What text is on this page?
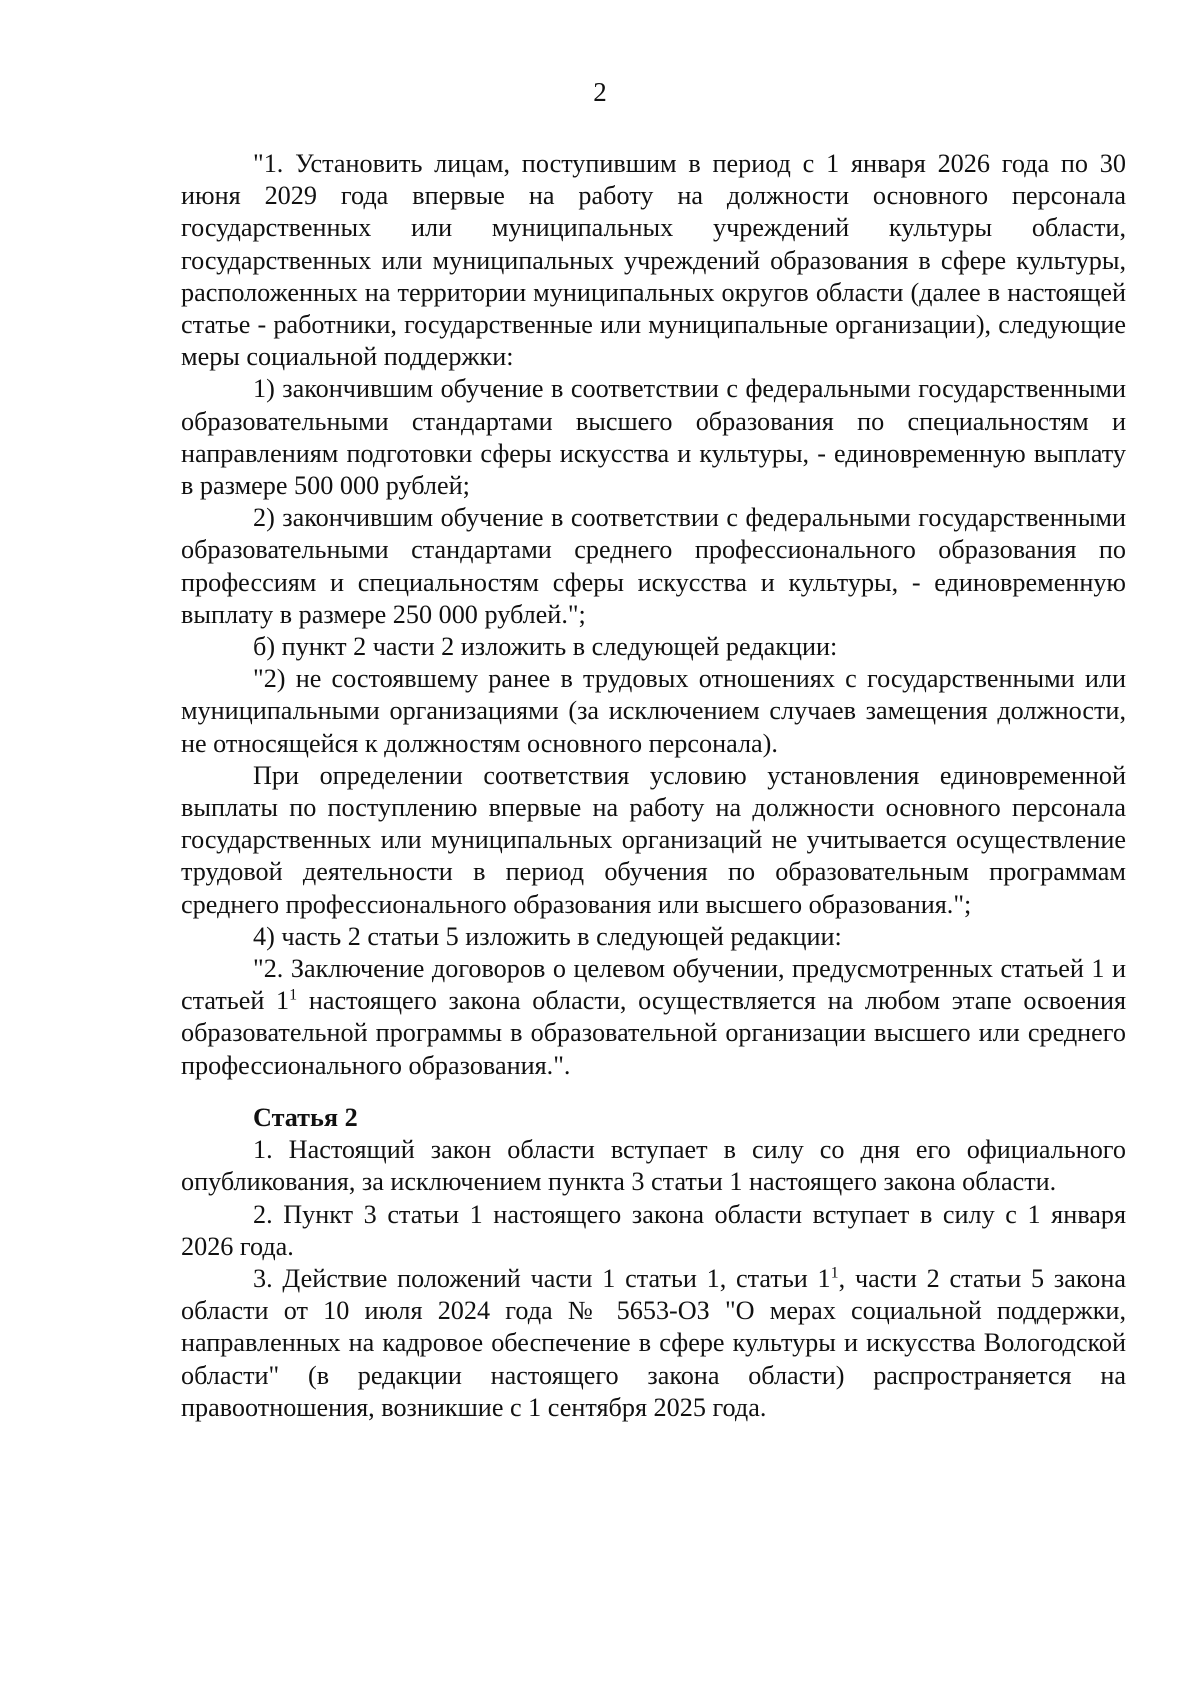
2

"1. Установить лицам, поступившим в период с 1 января 2026 года по 30 июня 2029 года впервые на работу на должности основного персонала государственных или муниципальных учреждений культуры области, государственных или муниципальных учреждений образования в сфере культуры, расположенных на территории муниципальных округов области (далее в настоящей статье - работники, государственные или муниципальные организации), следующие меры социальной поддержки:

1) закончившим обучение в соответствии с федеральными государственными образовательными стандартами высшего образования по специальностям и направлениям подготовки сферы искусства и культуры, - единовременную выплату в размере 500 000 рублей;

2) закончившим обучение в соответствии с федеральными государственными образовательными стандартами среднего профессионального образования по профессиям и специальностям сферы искусства и культуры, - единовременную выплату в размере 250 000 рублей.";

б) пункт 2 части 2 изложить в следующей редакции:

"2) не состоявшему ранее в трудовых отношениях с государственными или муниципальными организациями (за исключением случаев замещения должности, не относящейся к должностям основного персонала).

При определении соответствия условию установления единовременной выплаты по поступлению впервые на работу на должности основного персонала государственных или муниципальных организаций не учитывается осуществление трудовой деятельности в период обучения по образовательным программам среднего профессионального образования или высшего образования.";

4) часть 2 статьи 5 изложить в следующей редакции:

"2. Заключение договоров о целевом обучении, предусмотренных статьей 1 и статьей 1$^1$ настоящего закона области, осуществляется на любом этапе освоения образовательной программы в образовательной организации высшего или среднего профессионального образования.".

Статья 2

1. Настоящий закон области вступает в силу со дня его официального опубликования, за исключением пункта 3 статьи 1 настоящего закона области.

2. Пункт 3 статьи 1 настоящего закона области вступает в силу с 1 января 2026 года.

3. Действие положений части 1 статьи 1, статьи 1$^1$, части 2 статьи 5 закона области от 10 июля 2024 года № 5653-ОЗ "О мерах социальной поддержки, направленных на кадровое обеспечение в сфере культуры и искусства Вологодской области" (в редакции настоящего закона области) распространяется на правоотношения, возникшие с 1 сентября 2025 года.
